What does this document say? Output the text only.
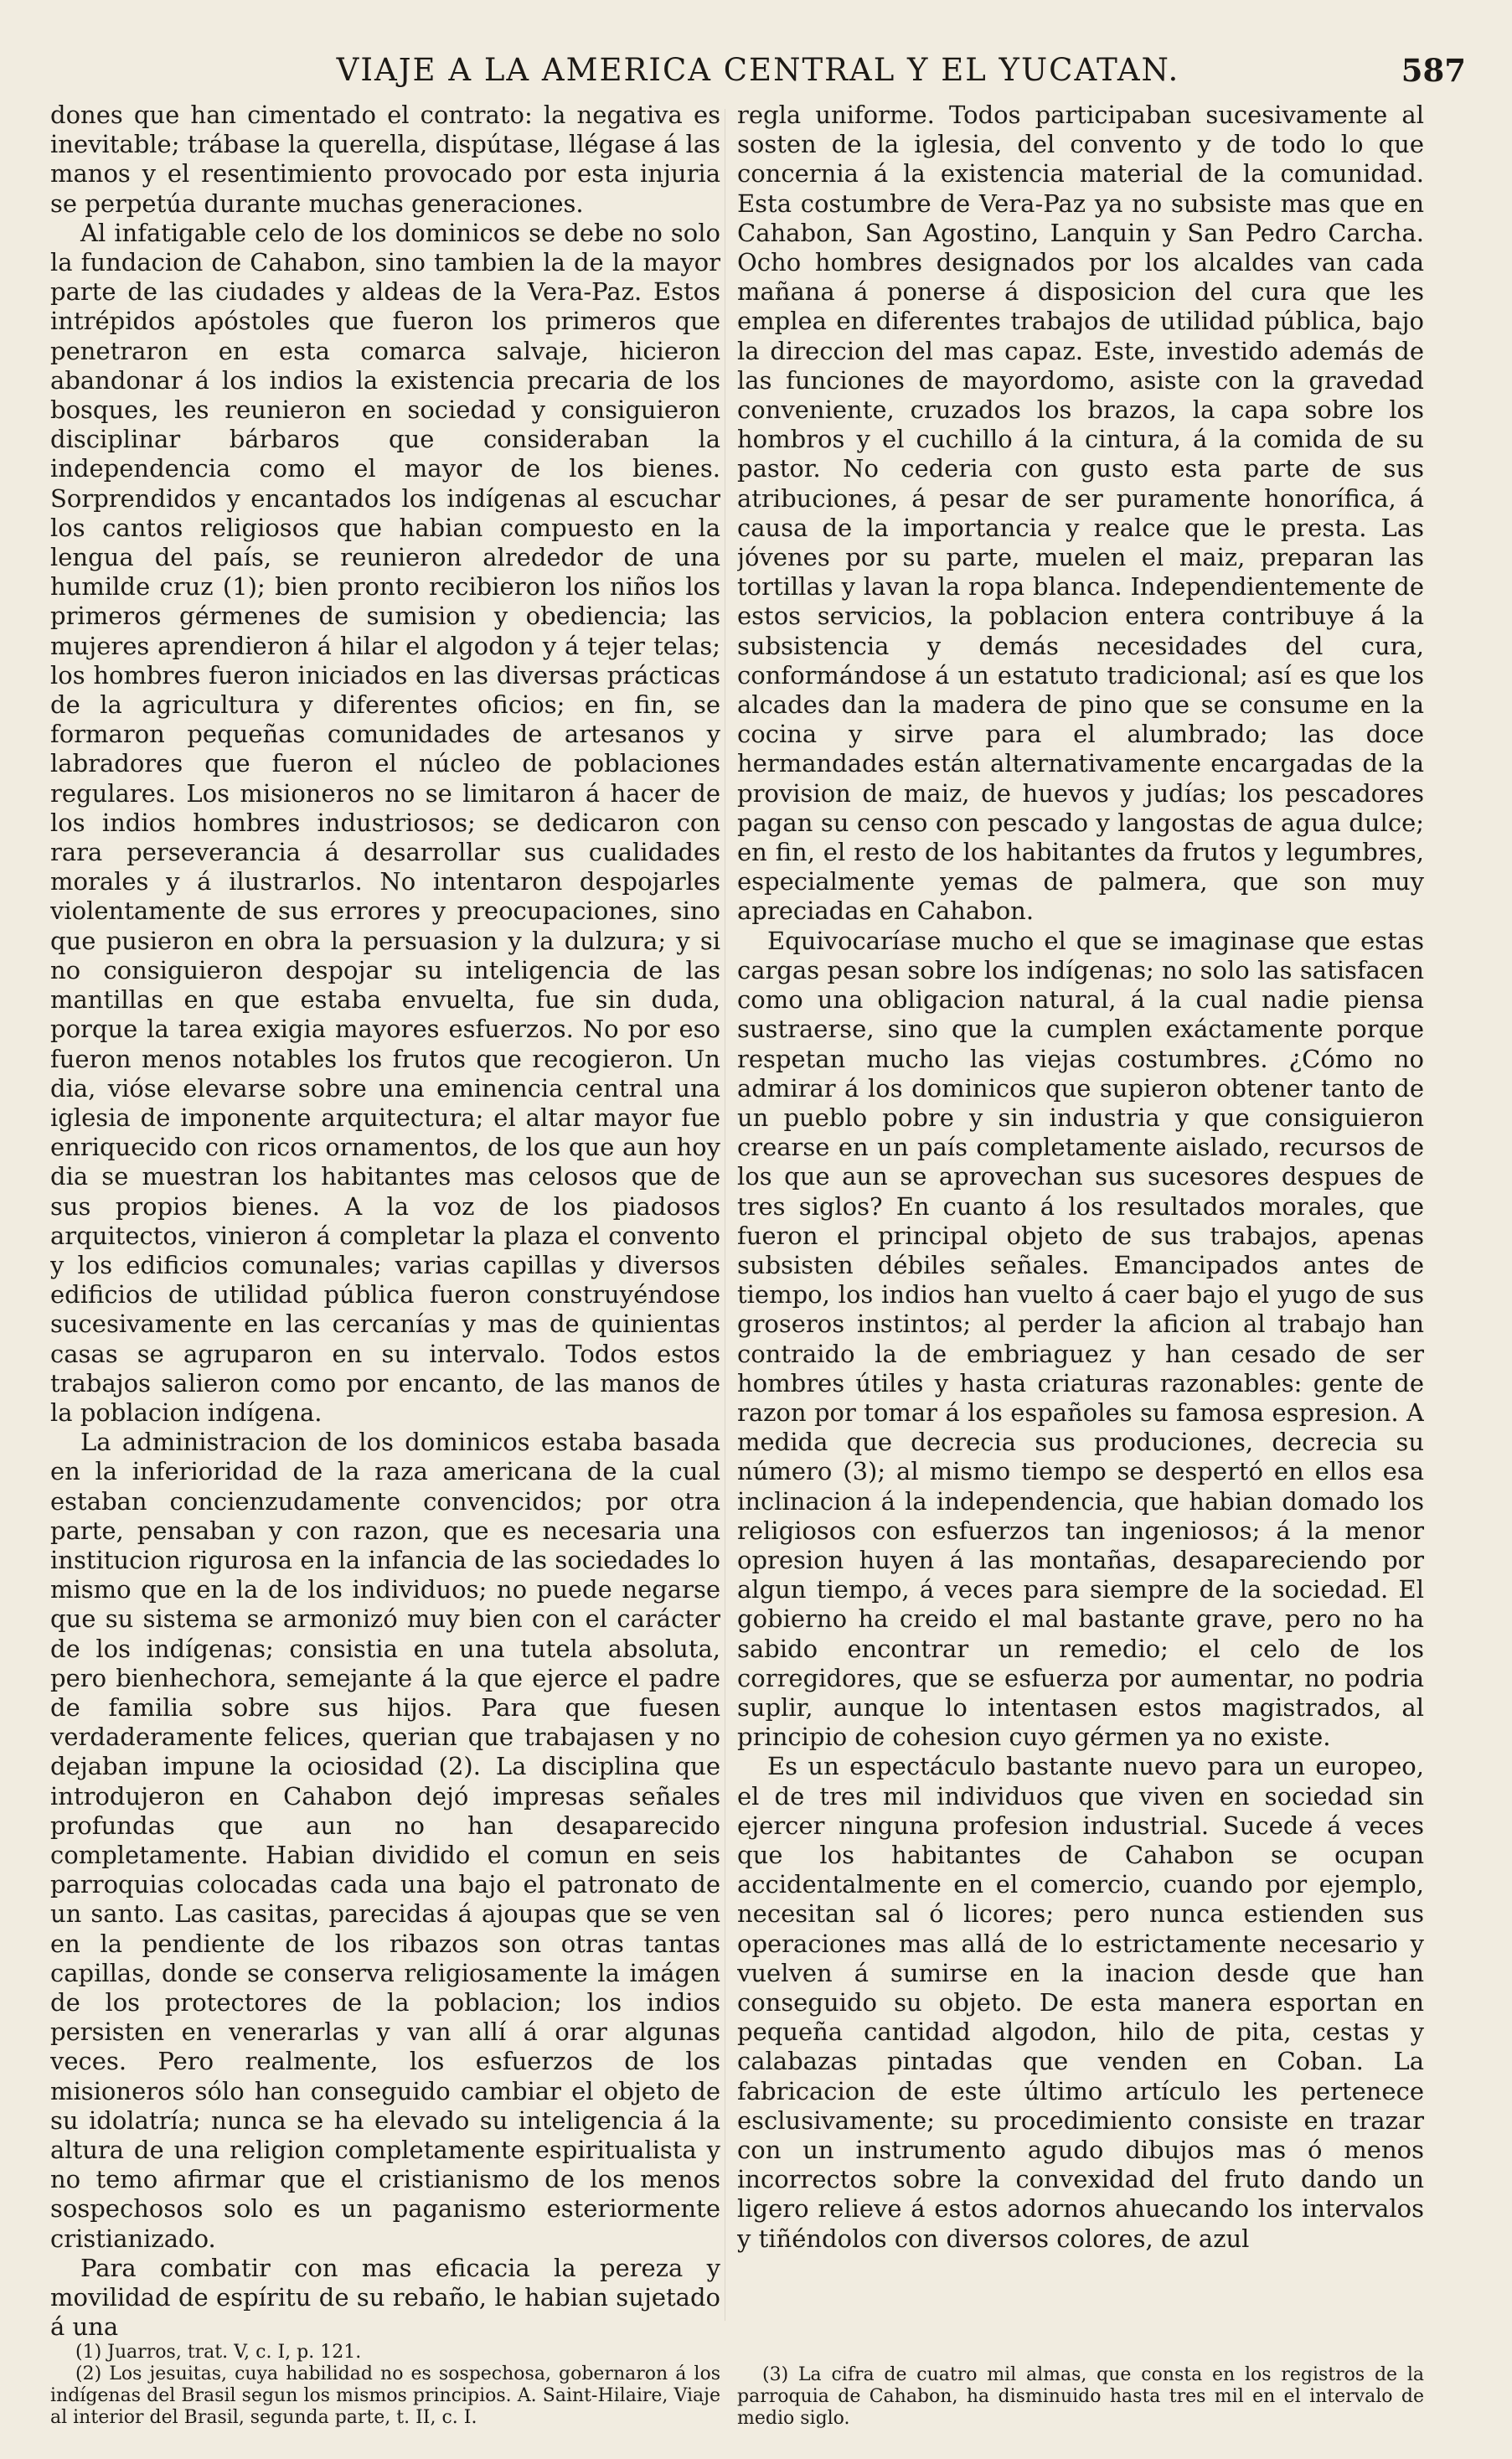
VIAJE A LA AMERICA CENTRAL Y EL YUCATAN.	587

dones que han cimentado el contrato: la negativa es inevitable; trábase la querella, dispútase, llégase á las manos y el resentimiento provocado por esta injuria se perpetúa durante muchas generaciones.

Al infatigable celo de los dominicos se debe no solo la fundacion de Cahabon, sino tambien la de la mayor parte de las ciudades y aldeas de la Vera-Paz. Estos intrépidos apóstoles que fueron los primeros que penetraron en esta comarca salvaje, hicieron abandonar á los indios la existencia precaria de los bosques, les reunieron en sociedad y consiguieron disciplinar bárbaros que consideraban la independencia como el mayor de los bienes. Sorprendidos y encantados los indígenas al escuchar los cantos religiosos que habian compuesto en la lengua del país, se reunieron alrededor de una humilde cruz (1); bien pronto recibieron los niños los primeros gérmenes de sumision y obediencia; las mujeres aprendieron á hilar el algodon y á tejer telas; los hombres fueron iniciados en las diversas prácticas de la agricultura y diferentes oficios; en fin, se formaron pequeñas comunidades de artesanos y labradores que fueron el núcleo de poblaciones regulares. Los misioneros no se limitaron á hacer de los indios hombres industriosos; se dedicaron con rara perseverancia á desarrollar sus cualidades morales y á ilustrarlos. No intentaron despojarles violentamente de sus errores y preocupaciones, sino que pusieron en obra la persuasion y la dulzura; y si no consiguieron despojar su inteligencia de las mantillas en que estaba envuelta, fue sin duda, porque la tarea exigia mayores esfuerzos. No por eso fueron menos notables los frutos que recogieron. Un dia, vióse elevarse sobre una eminencia central una iglesia de imponente arquitectura; el altar mayor fue enriquecido con ricos ornamentos, de los que aun hoy dia se muestran los habitantes mas celosos que de sus propios bienes. A la voz de los piadosos arquitectos, vinieron á completar la plaza el convento y los edificios comunales; varias capillas y diversos edificios de utilidad pública fueron construyéndose sucesivamente en las cercanías y mas de quinientas casas se agruparon en su intervalo. Todos estos trabajos salieron como por encanto, de las manos de la poblacion indígena.

La administracion de los dominicos estaba basada en la inferioridad de la raza americana de la cual estaban concienzudamente convencidos; por otra parte, pensaban y con razon, que es necesaria una institucion rigurosa en la infancia de las sociedades lo mismo que en la de los individuos; no puede negarse que su sistema se armonizó muy bien con el carácter de los indígenas; consistia en una tutela absoluta, pero bienhechora, semejante á la que ejerce el padre de familia sobre sus hijos. Para que fuesen verdaderamente felices, querian que trabajasen y no dejaban impune la ociosidad (2). La disciplina que introdujeron en Cahabon dejó impresas señales profundas que aun no han desaparecido completamente. Habian dividido el comun en seis parroquias colocadas cada una bajo el patronato de un santo. Las casitas, parecidas á ajoupas que se ven en la pendiente de los ribazos son otras tantas capillas, donde se conserva religiosamente la imágen de los protectores de la poblacion; los indios persisten en venerarlas y van allí á orar algunas veces. Pero realmente, los esfuerzos de los misioneros sólo han conseguido cambiar el objeto de su idolatría; nunca se ha elevado su inteligencia á la altura de una religion completamente espiritualista y no temo afirmar que el cristianismo de los menos sospechosos solo es un paganismo esteriormente cristianizado.

Para combatir con mas eficacia la pereza y movilidad de espíritu de su rebaño, le habian sujetado á una

regla uniforme. Todos participaban sucesivamente al sosten de la iglesia, del convento y de todo lo que concernia á la existencia material de la comunidad. Esta costumbre de Vera-Paz ya no subsiste mas que en Cahabon, San Agostino, Lanquin y San Pedro Carcha. Ocho hombres designados por los alcaldes van cada mañana á ponerse á disposicion del cura que les emplea en diferentes trabajos de utilidad pública, bajo la direccion del mas capaz. Este, investido además de las funciones de mayordomo, asiste con la gravedad conveniente, cruzados los brazos, la capa sobre los hombros y el cuchillo á la cintura, á la comida de su pastor. No cederia con gusto esta parte de sus atribuciones, á pesar de ser puramente honorífica, á causa de la importancia y realce que le presta. Las jóvenes por su parte, muelen el maiz, preparan las tortillas y lavan la ropa blanca. Independientemente de estos servicios, la poblacion entera contribuye á la subsistencia y demás necesidades del cura, conformándose á un estatuto tradicional; así es que los alcades dan la madera de pino que se consume en la cocina y sirve para el alumbrado; las doce hermandades están alternativamente encargadas de la provision de maiz, de huevos y judías; los pescadores pagan su censo con pescado y langostas de agua dulce; en fin, el resto de los habitantes da frutos y legumbres, especialmente yemas de palmera, que son muy apreciadas en Cahabon.

Equivocaríase mucho el que se imaginase que estas cargas pesan sobre los indígenas; no solo las satisfacen como una obligacion natural, á la cual nadie piensa sustraerse, sino que la cumplen exáctamente porque respetan mucho las viejas costumbres. ¿Cómo no admirar á los dominicos que supieron obtener tanto de un pueblo pobre y sin industria y que consiguieron crearse en un país completamente aislado, recursos de los que aun se aprovechan sus sucesores despues de tres siglos? En cuanto á los resultados morales, que fueron el principal objeto de sus trabajos, apenas subsisten débiles señales. Emancipados antes de tiempo, los indios han vuelto á caer bajo el yugo de sus groseros instintos; al perder la aficion al trabajo han contraido la de embriaguez y han cesado de ser hombres útiles y hasta criaturas razonables: gente de razon por tomar á los españoles su famosa espresion. A medida que decrecia sus produciones, decrecia su número (3); al mismo tiempo se despertó en ellos esa inclinacion á la independencia, que habian domado los religiosos con esfuerzos tan ingeniosos; á la menor opresion huyen á las montañas, desapareciendo por algun tiempo, á veces para siempre de la sociedad. El gobierno ha creido el mal bastante grave, pero no ha sabido encontrar un remedio; el celo de los corregidores, que se esfuerza por aumentar, no podria suplir, aunque lo intentasen estos magistrados, al principio de cohesion cuyo gérmen ya no existe.

Es un espectáculo bastante nuevo para un europeo, el de tres mil individuos que viven en sociedad sin ejercer ninguna profesion industrial. Sucede á veces que los habitantes de Cahabon se ocupan accidentalmente en el comercio, cuando por ejemplo, necesitan sal ó licores; pero nunca estienden sus operaciones mas allá de lo estrictamente necesario y vuelven á sumirse en la inacion desde que han conseguido su objeto. De esta manera esportan en pequeña cantidad algodon, hilo de pita, cestas y calabazas pintadas que venden en Coban. La fabricacion de este último artículo les pertenece esclusivamente; su procedimiento consiste en trazar con un instrumento agudo dibujos mas ó menos incorrectos sobre la convexidad del fruto dando un ligero relieve á estos adornos ahuecando los intervalos y tiñéndolos con diversos colores, de azul

(1) Juarros, trat. V, c. I, p. 121.

(2) Los jesuitas, cuya habilidad no es sospechosa, gobernaron á los indígenas del Brasil segun los mismos principios. A. Saint-Hilaire, Viaje al interior del Brasil, segunda parte, t. II, c. I.

(3) La cifra de cuatro mil almas, que consta en los registros de la parroquia de Cahabon, ha disminuido hasta tres mil en el intervalo de medio siglo.
